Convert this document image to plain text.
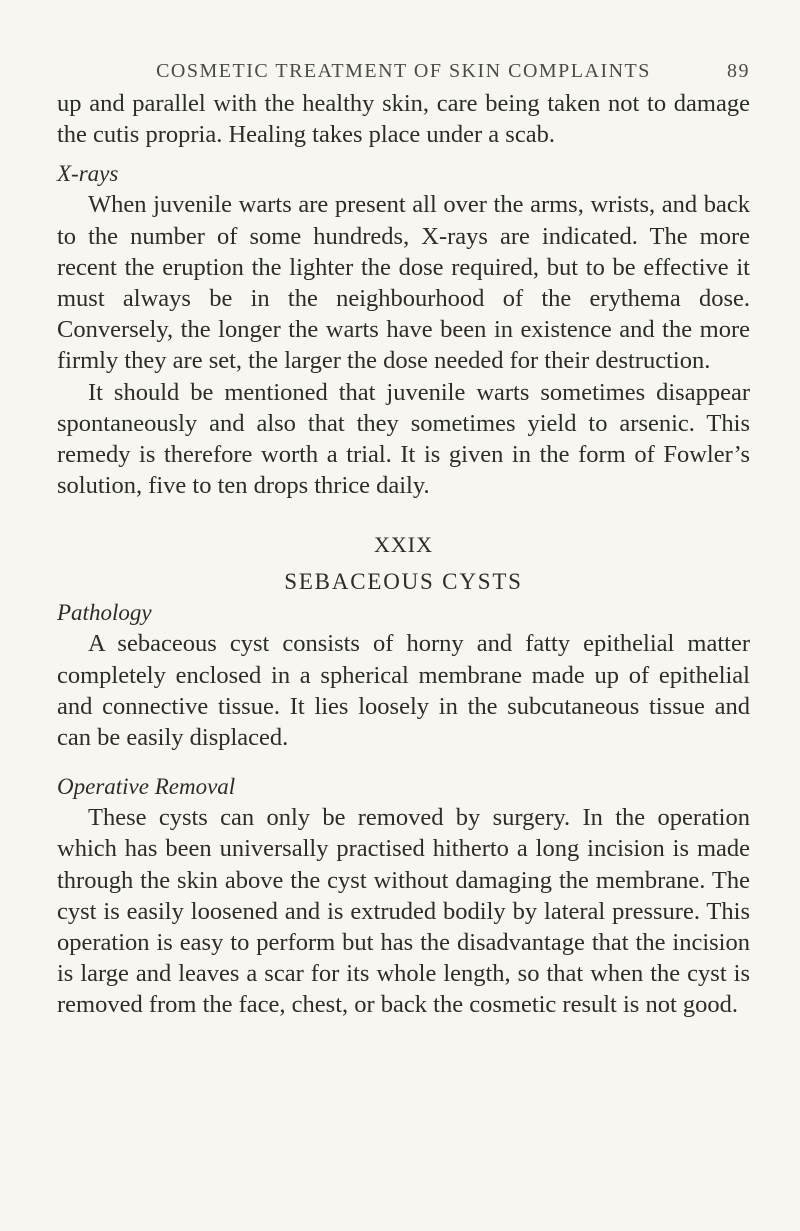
COSMETIC TREATMENT OF SKIN COMPLAINTS	89

up and parallel with the healthy skin, care being taken not to damage the cutis propria. Healing takes place under a scab.

X-rays

When juvenile warts are present all over the arms, wrists, and back to the number of some hundreds, X-rays are indicated. The more recent the eruption the lighter the dose required, but to be effective it must always be in the neighbourhood of the erythema dose. Conversely, the longer the warts have been in existence and the more firmly they are set, the larger the dose needed for their destruction.

It should be mentioned that juvenile warts sometimes disappear spontaneously and also that they sometimes yield to arsenic. This remedy is therefore worth a trial. It is given in the form of Fowler’s solution, five to ten drops thrice daily.

XXIX
SEBACEOUS CYSTS
Pathology

A sebaceous cyst consists of horny and fatty epithelial matter completely enclosed in a spherical membrane made up of epithelial and connective tissue. It lies loosely in the subcutaneous tissue and can be easily displaced.

Operative Removal

These cysts can only be removed by surgery. In the operation which has been universally practised hitherto a long incision is made through the skin above the cyst without damaging the membrane. The cyst is easily loosened and is extruded bodily by lateral pressure. This operation is easy to perform but has the disadvantage that the incision is large and leaves a scar for its whole length, so that when the cyst is removed from the face, chest, or back the cosmetic result is not good.
